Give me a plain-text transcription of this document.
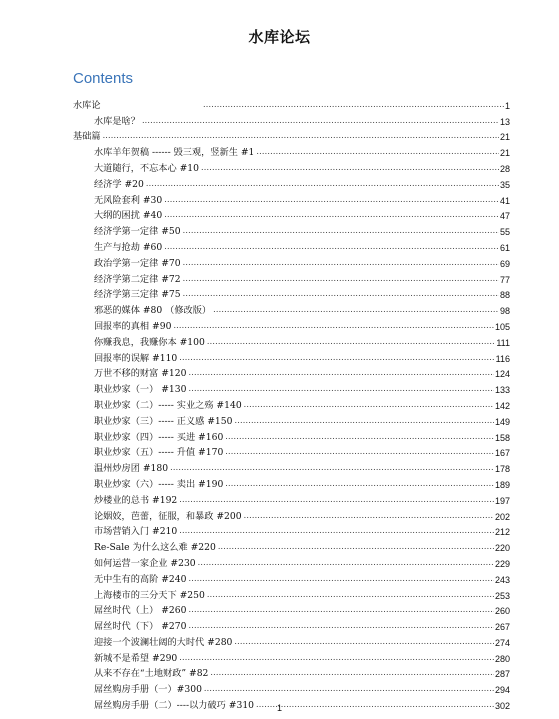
水库论坛
Contents
水库论 .....	1
水库是啥？ .....	13
基础篇 .....	21
水库羊年贺稿 ------ 毁三观，竖新生 #1 .....	21
大道随行，不忘本心 #10 .....	28
经济学 #20 .....	35
无风险套利 #30 .....	41
大纲的困扰 #40 .....	47
经济学第一定律 #50 .....	55
生产与抢劫 #60 .....	61
政治学第一定律 #70 .....	69
经济学第二定律 #72 .....	77
经济学第三定律 #75 .....	88
邪恶的媒体 #80 （修改版） .....	98
回报率的真相 #90 .....	105
你赚我息，我赚你本 #100 .....	111
回报率的误解 #110 .....	116
万世不移的财富 #120 .....	124
职业炒家（一） #130 .....	133
职业炒家（二）----- 实业之殇 #140 .....	142
职业炒家（三）----- 正义感 #150 .....	149
职业炒家（四）----- 买进 #160 .....	158
职业炒家（五）----- 升值 #170 .....	167
温州炒房团 #180 .....	178
职业炒家（六）----- 卖出 #190 .....	189
炒楼业的总书 #192 .....	197
论姻姣，芭蕾，征服，和暴政 #200 .....	202
市场营销入门 #210 .....	212
Re-Sale 为什么这么难 #220 .....	220
如何运营一家企业 #230 .....	229
无中生有的高阶 #240 .....	243
上海楼市的三分天下 #250 .....	253
屌丝时代（上） #260 .....	260
屌丝时代（下） #270 .....	267
迎接一个波澜壮阔的大时代 #280 .....	274
新城不是希望 #290 .....	280
从来不存在“土地财政” #82 .....	287
屌丝购房手册（一）#300 .....	294
屌丝购房手册（二）----以力破巧 #310 .....	302
1
